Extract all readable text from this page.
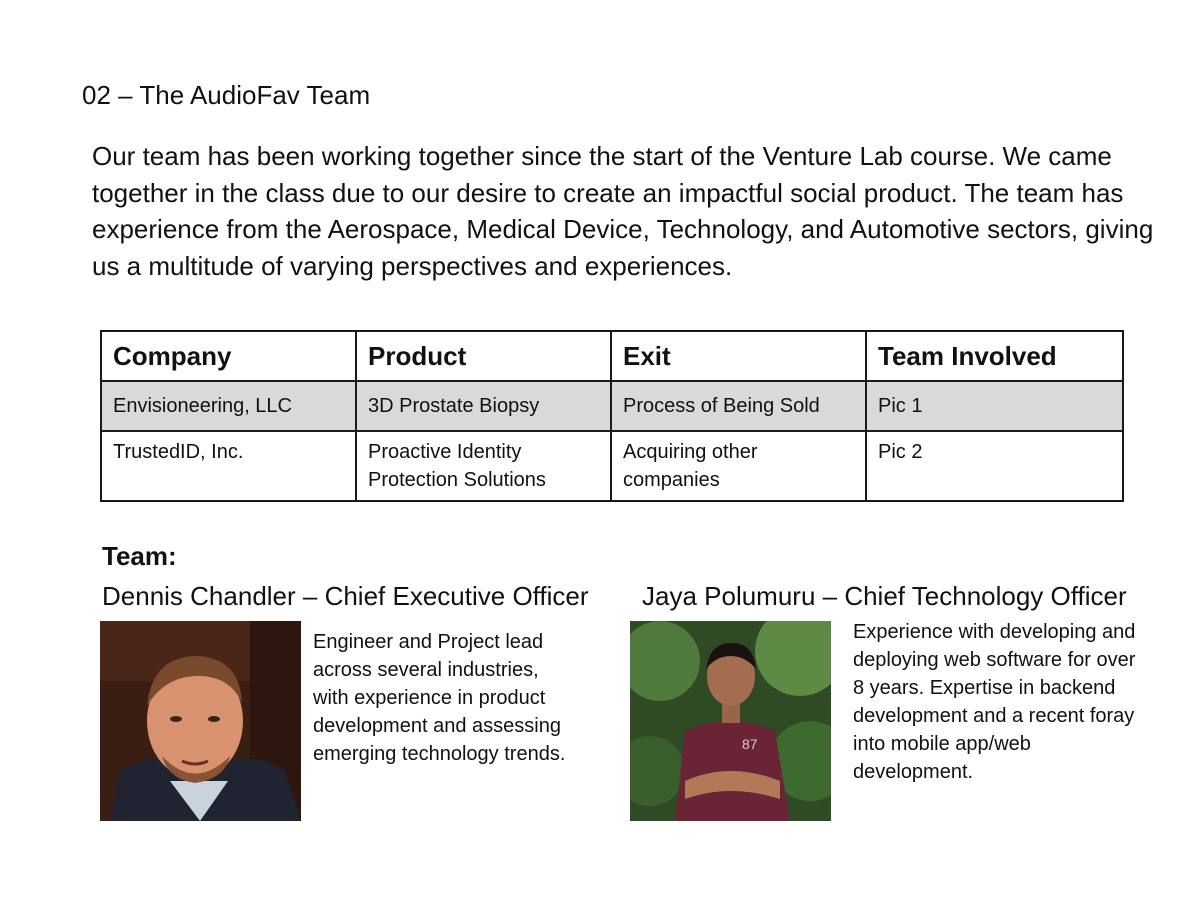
02 – The AudioFav Team

Our team has been working together since the start of the Venture Lab course. We came together in the class due to our desire to create an impactful social product. The team has experience from the Aerospace, Medical Device, Technology, and Automotive sectors, giving us a multitude of varying perspectives and experiences.

Company	Product	Exit	Team Involved
Envisioneering, LLC	3D Prostate Biopsy	Process of Being Sold	Pic 1
TrustedID, Inc.	Proactive Identity Protection Solutions	Acquiring other companies	Pic 2
Team:

Dennis Chandler – Chief Executive Officer

Engineer and Project lead across several industries, with experience in product development and assessing emerging technology trends.

Jaya Polumuru – Chief Technology Officer

87

Experience with developing and deploying web software for over 8 years. Expertise in backend development and a recent foray into mobile app/web development.
